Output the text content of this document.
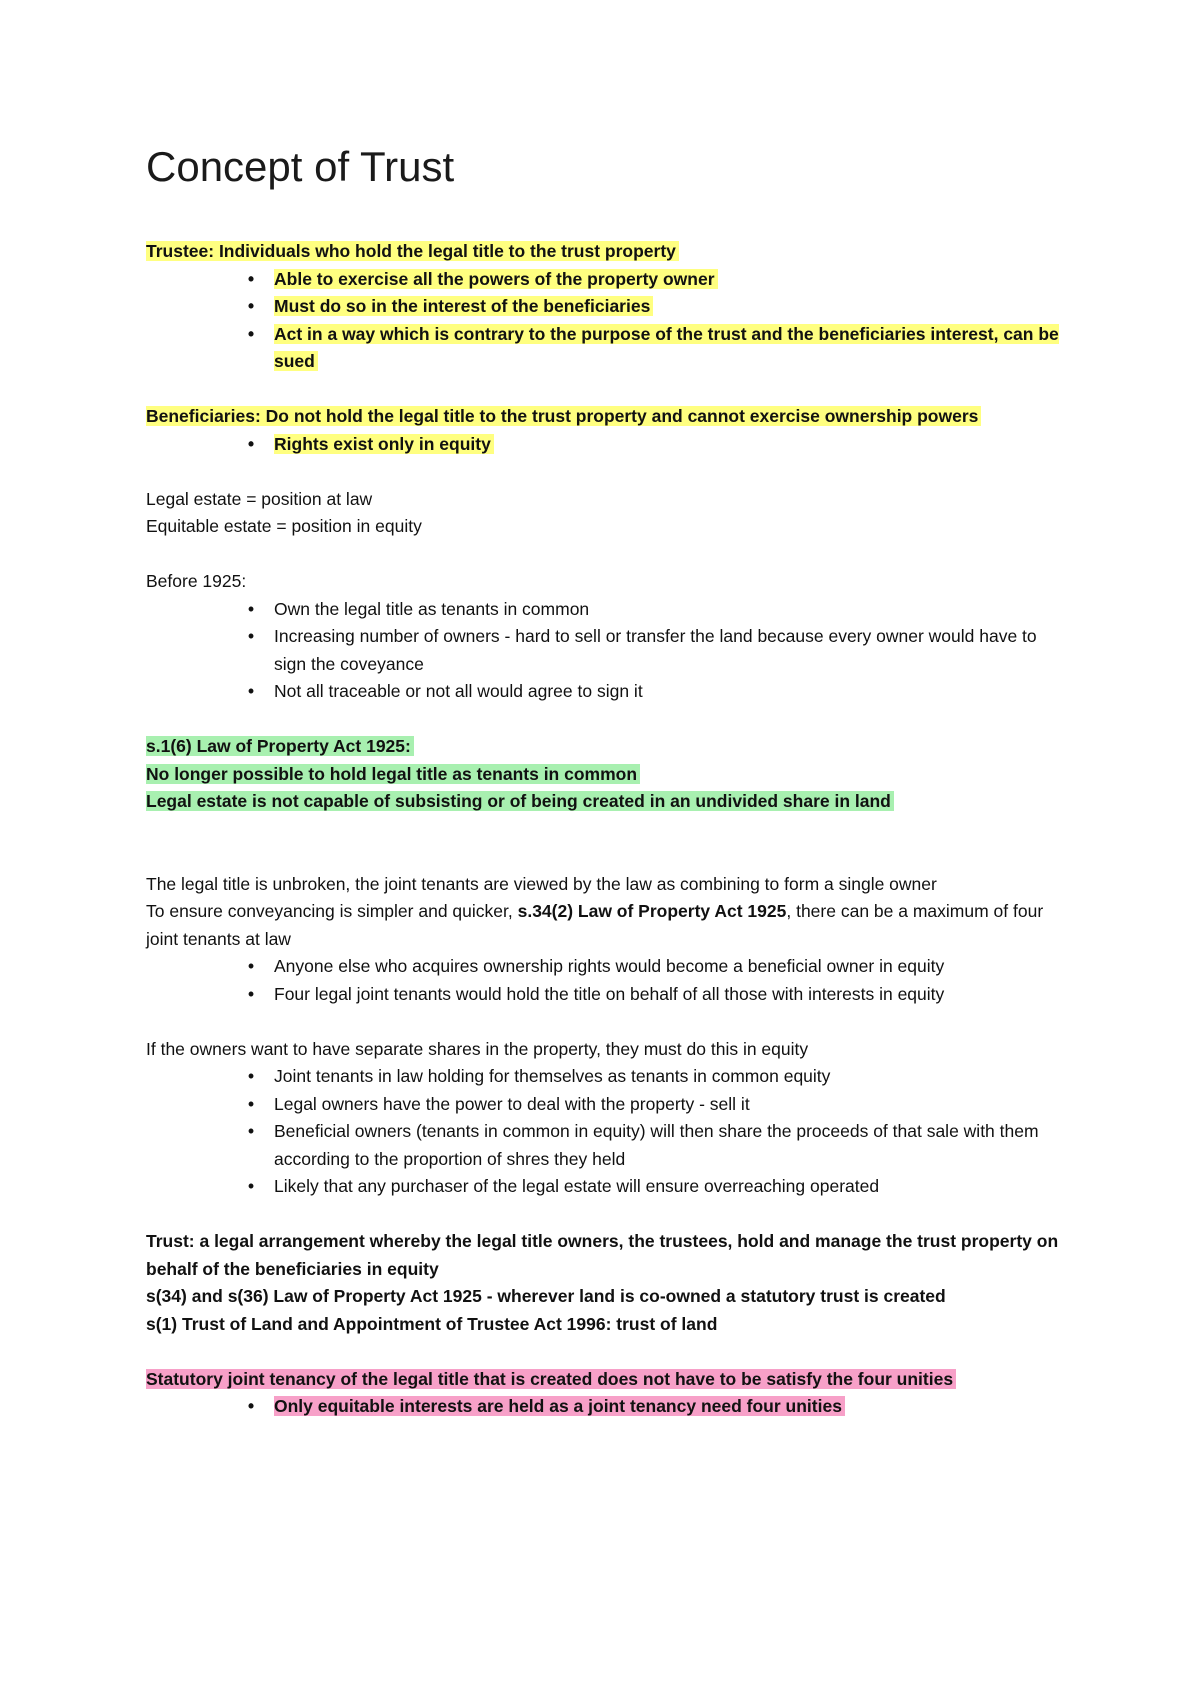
Concept of Trust

Trustee: Individuals who hold the legal title to the trust property

• Able to exercise all the powers of the property owner
• Must do so in the interest of the beneficiaries
• Act in a way which is contrary to the purpose of the trust and the beneficiaries interest, can be sued

Beneficiaries: Do not hold the legal title to the trust property and cannot exercise ownership powers

• Rights exist only in equity

Legal estate = position at law

Equitable estate = position in equity

Before 1925:

• Own the legal title as tenants in common
• Increasing number of owners - hard to sell or transfer the land because every owner would have to sign the coveyance
• Not all traceable or not all would agree to sign it

s.1(6) Law of Property Act 1925:

No longer possible to hold legal title as tenants in common

Legal estate is not capable of subsisting or of being created in an undivided share in land

The legal title is unbroken, the joint tenants are viewed by the law as combining to form a single owner

To ensure conveyancing is simpler and quicker, s.34(2) Law of Property Act 1925, there can be a maximum of four joint tenants at law

• Anyone else who acquires ownership rights would become a beneficial owner in equity
• Four legal joint tenants would hold the title on behalf of all those with interests in equity

If the owners want to have separate shares in the property, they must do this in equity

• Joint tenants in law holding for themselves as tenants in common equity
• Legal owners have the power to deal with the property - sell it
• Beneficial owners (tenants in common in equity) will then share the proceeds of that sale with them according to the proportion of shres they held
• Likely that any purchaser of the legal estate will ensure overreaching operated

Trust: a legal arrangement whereby the legal title owners, the trustees, hold and manage the trust property on behalf of the beneficiaries in equity

s(34) and s(36) Law of Property Act 1925 - wherever land is co-owned a statutory trust is created

s(1) Trust of Land and Appointment of Trustee Act 1996: trust of land

Statutory joint tenancy of the legal title that is created does not have to be satisfy the four unities

• Only equitable interests are held as a joint tenancy need four unities
